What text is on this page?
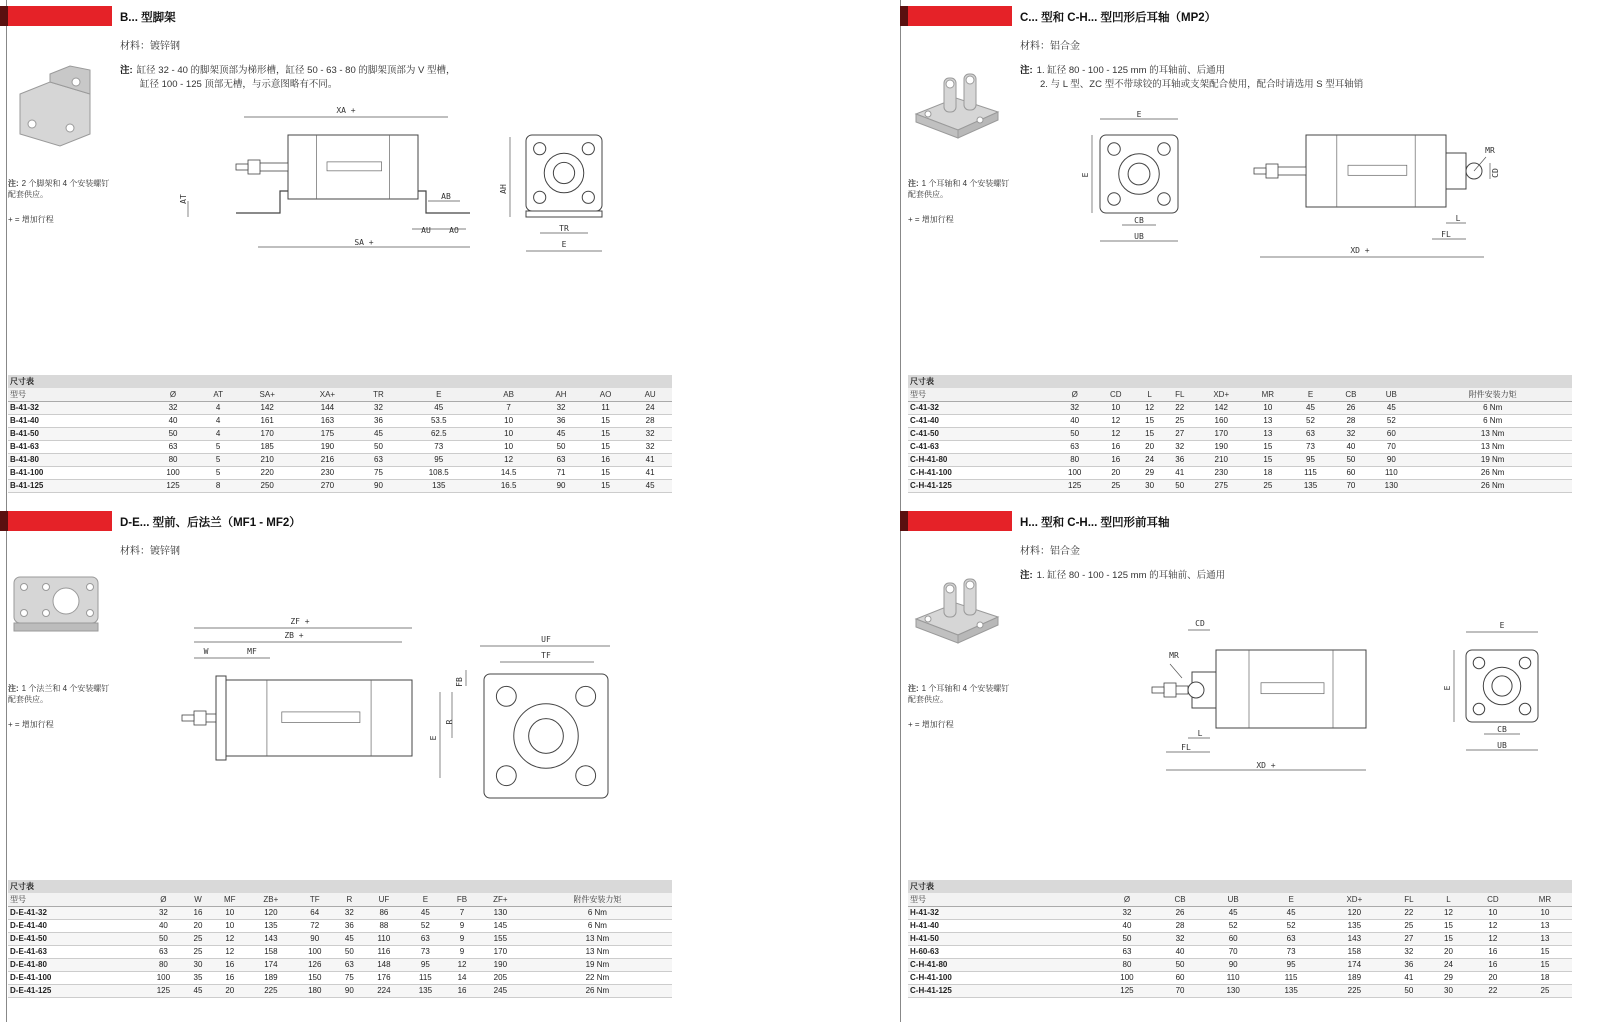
B... 型脚架
材料：镀锌钢
注: 缸径 32 - 40 的脚架顶部为梯形槽，缸径 50 - 63 - 80 的脚架顶部为 V 型槽，
缸径 100 - 125 顶部无槽，与示意图略有不同。
注: 2 个脚架和 4 个安装螺钉配套供应。
+ = 增加行程
XA +
SA +
AT	AB
AU AO
AH
TR
E
尺寸表
型号	Ø	AT	SA+	XA+	TR	E	AB	AH	AO	AU
B-41-32	32	4	142	144	32	45	7	32	11	24
B-41-40	40	4	161	163	36	53.5	10	36	15	28
B-41-50	50	4	170	175	45	62.5	10	45	15	32
B-41-63	63	5	185	190	50	73	10	50	15	32
B-41-80	80	5	210	216	63	95	12	63	16	41
B-41-100	100	5	220	230	75	108.5	14.5	71	15	41
B-41-125	125	8	250	270	90	135	16.5	90	15	45
C... 型和 C-H... 型凹形后耳轴（MP2）
材料：铝合金
注: 1. 缸径 80 - 100 - 125 mm 的耳轴前、后通用
2. 与 L 型、ZC 型不带球铰的耳轴或支架配合使用，配合时请选用 S 型耳轴销
注: 1 个耳轴和 4 个安装螺钉配套供应。
+ = 增加行程
E
E
CB
UB
XD +
MR
CD
L
FL
尺寸表
型号	Ø	CD	L	FL	XD+	MR	E	CB	UB	附件安装力矩
C-41-32	32	10	12	22	142	10	45	26	45	6 Nm
C-41-40	40	12	15	25	160	13	52	28	52	6 Nm
C-41-50	50	12	15	27	170	13	63	32	60	13 Nm
C-41-63	63	16	20	32	190	15	73	40	70	13 Nm
C-H-41-80	80	16	24	36	210	15	95	50	90	19 Nm
C-H-41-100	100	20	29	41	230	18	115	60	110	26 Nm
C-H-41-125	125	25	30	50	275	25	135	70	130	26 Nm
D-E... 型前、后法兰（MF1 - MF2）
材料：镀锌钢
注: 1 个法兰和 4 个安装螺钉配套供应。
+ = 增加行程
ZF +
ZB +
W	MF
UF
TF
FB
E
R
尺寸表
型号	Ø	W	MF	ZB+	TF	R	UF	E	FB	ZF+	附件安装力矩
D-E-41-32	32	16	10	120	64	32	86	45	7	130	6 Nm
D-E-41-40	40	20	10	135	72	36	88	52	9	145	6 Nm
D-E-41-50	50	25	12	143	90	45	110	63	9	155	13 Nm
D-E-41-63	63	25	12	158	100	50	116	73	9	170	13 Nm
D-E-41-80	80	30	16	174	126	63	148	95	12	190	19 Nm
D-E-41-100	100	35	16	189	150	75	176	115	14	205	22 Nm
D-E-41-125	125	45	20	225	180	90	224	135	16	245	26 Nm
H... 型和 C-H... 型凹形前耳轴
材料：铝合金
注: 1. 缸径 80 - 100 - 125 mm 的耳轴前、后通用
注: 1 个耳轴和 4 个安装螺钉配套供应。
+ = 增加行程
CD
MR
L
FL
XD +
E
E
CB
UB
尺寸表
型号	Ø	CB	UB	E	XD+	FL	L	CD	MR
H-41-32	32	26	45	45	120	22	12	10	10
H-41-40	40	28	52	52	135	25	15	12	13
H-41-50	50	32	60	63	143	27	15	12	13
H-60-63	63	40	70	73	158	32	20	16	15
C-H-41-80	80	50	90	95	174	36	24	16	15
C-H-41-100	100	60	110	115	189	41	29	20	18
C-H-41-125	125	70	130	135	225	50	30	22	25
